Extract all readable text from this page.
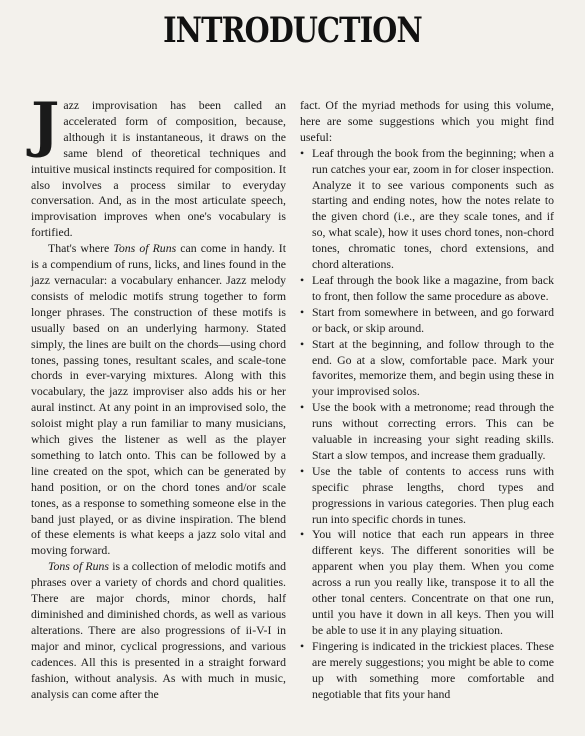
INTRODUCTION

Jazz improvisation has been called an accelerated form of composition, because, although it is instantaneous, it draws on the same blend of theoretical techniques and intuitive musical instincts required for composition. It also involves a process similar to everyday conversation. And, as in the most articulate speech, improvisation improves when one's vocabulary is fortified.

That's where Tons of Runs can come in handy. It is a compendium of runs, licks, and lines found in the jazz vernacular: a vocabulary enhancer. Jazz melody consists of melodic motifs strung together to form longer phrases. The construction of these motifs is usually based on an underlying harmony. Stated simply, the lines are built on the chords—using chord tones, passing tones, resultant scales, and scale-tone chords in ever-varying mixtures. Along with this vocabulary, the jazz improviser also adds his or her aural instinct. At any point in an improvised solo, the soloist might play a run familiar to many musicians, which gives the listener as well as the player something to latch onto. This can be followed by a line created on the spot, which can be generated by hand position, or on the chord tones and/or scale tones, as a response to something someone else in the band just played, or as divine inspiration. The blend of these elements is what keeps a jazz solo vital and moving forward.

Tons of Runs is a collection of melodic motifs and phrases over a variety of chords and chord qualities. There are major chords, minor chords, half diminished and diminished chords, as well as various alterations. There are also progressions of ii-V-I in major and minor, cyclical progressions, and various cadences. All this is presented in a straight forward fashion, without analysis. As with much in music, analysis can come after the

fact. Of the myriad methods for using this volume, here are some suggestions which you might find useful:

• Leaf through the book from the beginning; when a run catches your ear, zoom in for closer inspection. Analyze it to see various components such as starting and ending notes, how the notes relate to the given chord (i.e., are they scale tones, and if so, what scale), how it uses chord tones, non-chord tones, chromatic tones, chord extensions, and chord alterations.
• Leaf through the book like a magazine, from back to front, then follow the same procedure as above.
• Start from somewhere in between, and go forward or back, or skip around.
• Start at the beginning, and follow through to the end. Go at a slow, comfortable pace. Mark your favorites, memorize them, and begin using these in your improvised solos.
• Use the book with a metronome; read through the runs without correcting errors. This can be valuable in increasing your sight reading skills. Start a slow tempos, and increase them gradually.
• Use the table of contents to access runs with specific phrase lengths, chord types and progressions in various categories. Then plug each run into specific chords in tunes.
• You will notice that each run appears in three different keys. The different sonorities will be apparent when you play them. When you come across a run you really like, transpose it to all the other tonal centers. Concentrate on that one run, until you have it down in all keys. Then you will be able to use it in any playing situation.
• Fingering is indicated in the trickiest places. These are merely suggestions; you might be able to come up with something more comfortable and negotiable that fits your hand
